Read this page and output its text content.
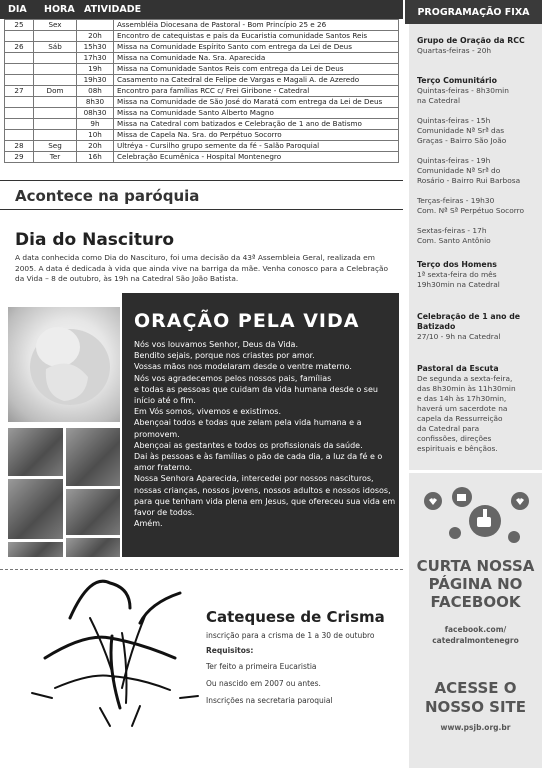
DIA	HORA ATIVIDADE
25	Sex		Assembléia Diocesana de Pastoral - Bom Princípio 25 e 26
		20h	Encontro de catequistas e pais da Eucaristia comunidade Santos Reis
26	Sáb	15h30	Missa na Comunidade Espírito Santo com entrega da Lei de Deus
		17h30	Missa na Comunidade Na. Sra. Aparecida
		19h	Missa na Comunidade Santos Reis com entrega da Lei de Deus
		19h30	Casamento na Catedral de Felipe de Vargas e Magali A. de Azeredo
27	Dom	08h	Encontro para famílias RCC c/ Frei Giribone - Catedral
		8h30	Missa na Comunidade de São José do Maratá com entrega da Lei de Deus
		08h30	Missa na Comunidade Santo Alberto Magno
		9h	Missa na Catedral com batizados e Celebração de 1 ano de Batismo
		10h	Missa de Capela Na. Sra. do Perpétuo Socorro
28	Seg	20h	Ultréya - Cursilho grupo semente da fé - Salão Paroquial
29	Ter	16h	Celebração Ecumênica - Hospital Montenegro
Acontece na paróquia
Dia do Nascituro
A data conhecida como Dia do Nascituro, foi uma decisão da 43ª Assembleia Geral, realizada em 2005. A data é dedicada à vida que ainda vive na barriga da mãe. Venha conosco para a Celebração da Vida – 8 de outubro, às 19h na Catedral São João Batista.
ORAÇÃO PELA VIDA
Nós vos louvamos Senhor, Deus da Vida.
Bendito sejais, porque nos criastes por amor.
Vossas mãos nos modelaram desde o ventre materno.
Nós vos agradecemos pelos nossos pais, famílias
e todas as pessoas que cuidam da vida humana desde o seu início até o fim.
Em Vós somos, vivemos e existimos.
Abençoai todos e todas que zelam pela vida humana e a promovem.
Abençoai as gestantes e todos os profissionais da saúde.
Dai às pessoas e às famílias o pão de cada dia, a luz da fé e o amor fraterno.
Nossa Senhora Aparecida, intercedei por nossos nascituros, nossas crianças, nossos jovens, nossos adultos e nossos idosos, para que tenham vida plena em Jesus, que ofereceu sua vida em favor de todos.
Amém.
Catequese de Crisma
inscrição para a crisma de 1 a 30 de outubro
Requisitos:
Ter feito a primeira Eucaristia
Ou nascido em 2007 ou antes.
Inscrições na secretaria paroquial
PROGRAMAÇÃO FIXA
Grupo de Oração da RCC
Quartas-feiras - 20h
Terço Comunitário
Quintas-feiras - 8h30min
na Catedral
Quintas-feiras - 15h
Comunidade Nª Srª das
Graças - Bairro São João
Quintas-feiras - 19h
Comunidade Nª Srª do
Rosário - Bairro Rui Barbosa
Terças-feiras - 19h30
Com. Nª Sª Perpétuo Socorro
Sextas-feiras - 17h
Com. Santo Antônio
Terço dos Homens
1ª sexta-feira do mês
19h30min na Catedral
Celebração de 1 ano de Batizado
27/10 - 9h na Catedral
Pastoral da Escuta
De segunda a sexta-feira,
das 8h30min às 11h30min
e das 14h às 17h30min,
haverá um sacerdote na
capela da Ressurreição
da Catedral para
confissões, direções
espirituais e bênçãos.
CURTA NOSSA
PÁGINA NO
FACEBOOK
facebook.com/
catedralmontenegro
ACESSE O
NOSSO SITE
www.psjb.org.br
